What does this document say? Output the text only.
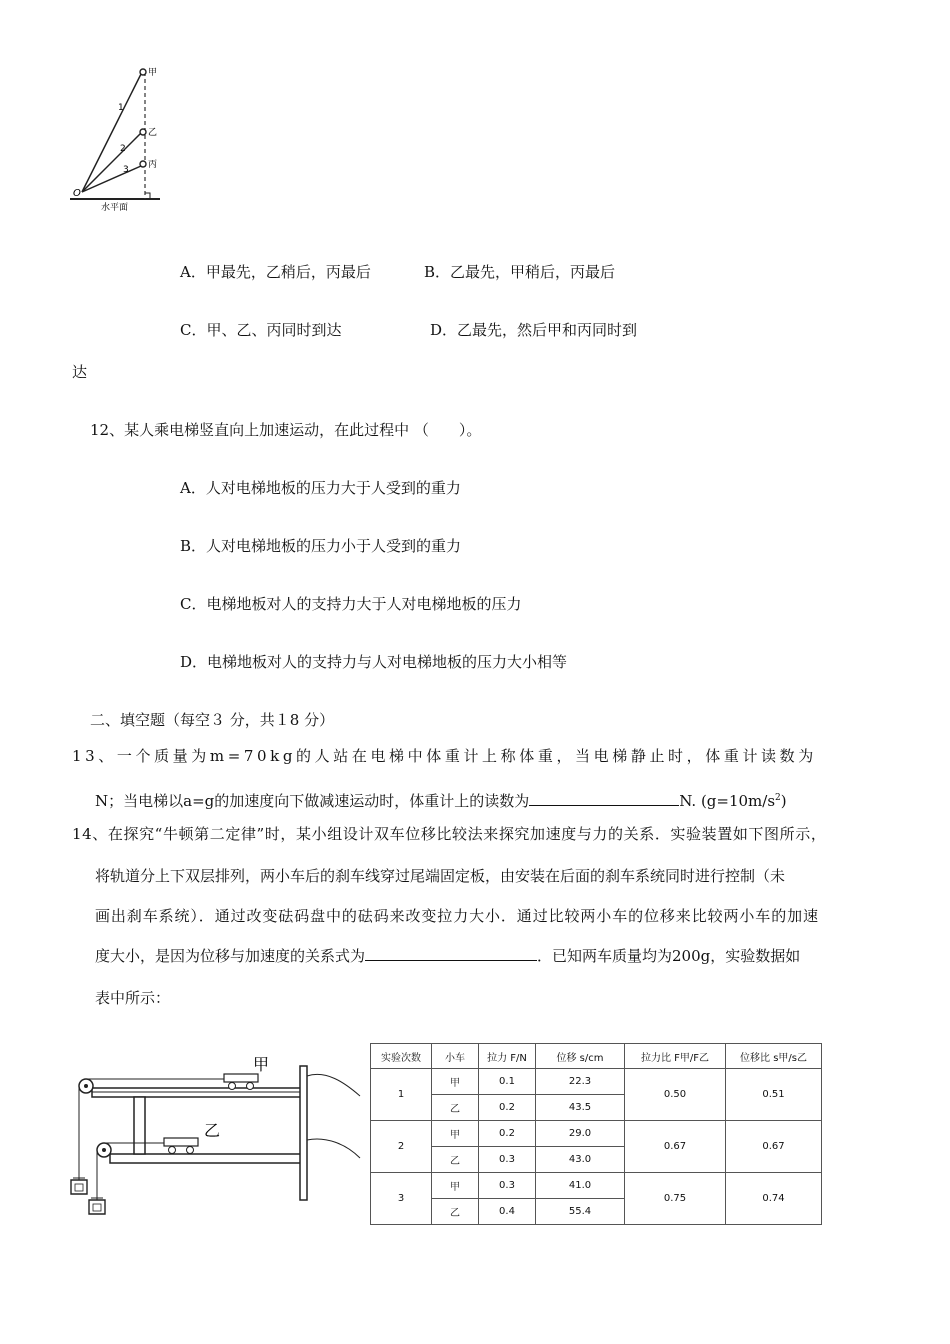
甲
乙
丙
O
1
2
3
水平面
A．甲最先，乙稍后，丙最后	B．乙最先，甲稍后，丙最后
C．甲、乙、丙同时到达	D．乙最先，然后甲和丙同时到
达
12、某人乘电梯竖直向上加速运动，在此过程中 （　　）。
A．人对电梯地板的压力大于人受到的重力
B．人对电梯地板的压力小于人受到的重力
C．电梯地板对人的支持力大于人对电梯地板的压力
D．电梯地板对人的支持力与人对电梯地板的压力大小相等
二、填空题（每空３ 分，共１8 分）
13、一个质量为m=70kg的人站在电梯中体重计上称体重，当电梯静止时，体重计读数为
N；当电梯以a=g的加速度向下做减速运动时，体重计上的读数为	N. $(g=10m/s^2)$
14、在探究“牛顿第二定律”时，某小组设计双车位移比较法来探究加速度与力的关系．实验装置如下图所示，
将轨道分上下双层排列，两小车后的刹车线穿过尾端固定板，由安装在后面的刹车系统同时进行控制（未
画出刹车系统）．通过改变砝码盘中的砝码来改变拉力大小．通过比较两小车的位移来比较两小车的加速
度大小，是因为位移与加速度的关系式为	．已知两车质量均为200g，实验数据如
表中所示：
甲
乙
实验次数	小车	拉力 F/N	位移 s/cm	拉力比 F甲/F乙	位移比 s甲/s乙
1	甲	0.1	22.3	0.50	0.51
	乙	0.2	43.5		
2	甲	0.2	29.0	0.67	0.67
	乙	0.3	43.0		
3	甲	0.3	41.0	0.75	0.74
	乙	0.4	55.4		
